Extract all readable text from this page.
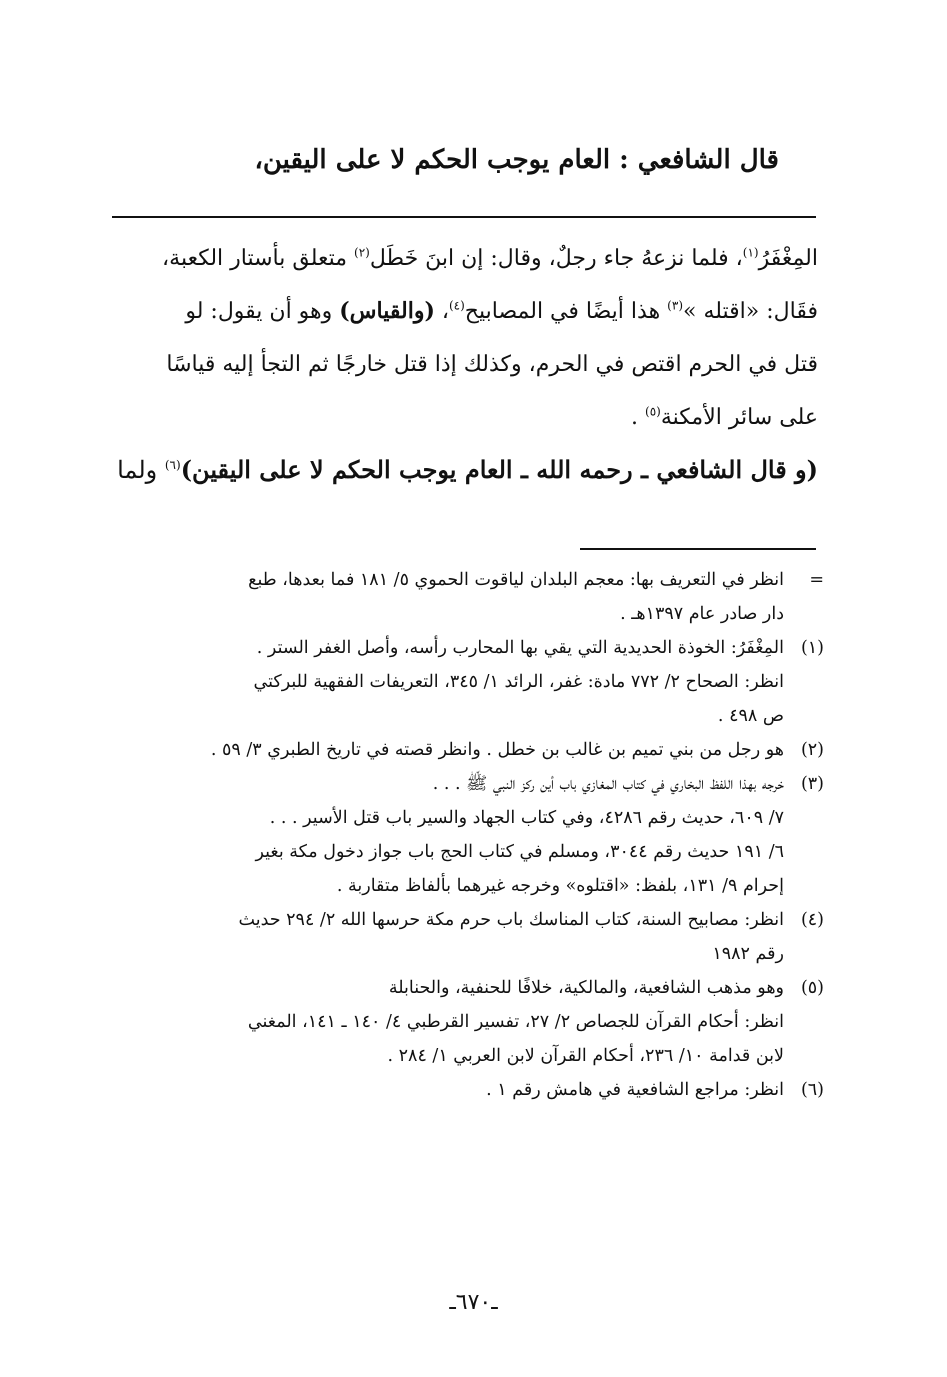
قال الشافعي : العام يوجب الحكم لا على اليقين،

المِغْفَرُ$^{(١)}$، فلما نزعهُ جاء رجلٌ، وقال: إن ابنَ خَطَل$^{(٢)}$ متعلق بأستار الكعبة،

فقَال: «اقتله »$^{(٣)}$ هذا أيضًا في المصابيح$^{(٤)}$، (والقياس) وهو أن يقول: لو

قتل في الحرم اقتص في الحرم، وكذلك إذا قتل خارجًا ثم التجأ إليه قياسًا

على سائر الأمكنة$^{(٥)}$ .

(و قال الشافعي ـ رحمه الله ـ العام يوجب الحكم لا على اليقين)$^{(٦)}$ ولما
=
انظر في التعريف بها: معجم البلدان لياقوت الحموي ٥/ ١٨١ فما بعدها، طبع
دار صادر عام ١٣٩٧هـ .
(١)
المِغْفَرُ: الخوذة الحديدية التي يقي بها المحارب رأسه، وأصل الغفر الستر .
انظر: الصحاح ٢/ ٧٧٢ مادة: غفر، الرائد ١/ ٣٤٥، التعريفات الفقهية للبركتي
ص ٤٩٨ .
(٢)
هو رجل من بني تميم بن غالب بن خطل . وانظر قصته في تاريخ الطبري ٣/ ٥٩ .
(٣)
خرجه بهذا اللفظ البخاري في كتاب المغازي باب أين ركز النبي ﷺ . . .
٧/ ٦٠٩، حديث رقم ٤٢٨٦، وفي كتاب الجهاد والسير باب قتل الأسير . . .
٦/ ١٩١ حديث رقم ٣٠٤٤، ومسلم في كتاب الحج باب جواز دخول مكة بغير
إحرام ٩/ ١٣١، بلفظ: «اقتلوه» وخرجه غيرهما بألفاظ متقاربة .
(٤)
انظر: مصابيح السنة، كتاب المناسك باب حرم مكة حرسها الله ٢/ ٢٩٤ حديث
رقم ١٩٨٢
(٥)
وهو مذهب الشافعية، والمالكية، خلافًا للحنفية، والحنابلة
انظر: أحكام القرآن للجصاص ٢/ ٢٧، تفسير القرطبي ٤/ ١٤٠ ـ ١٤١، المغني
لابن قدامة ١٠/ ٢٣٦، أحكام القرآن لابن العربي ١/ ٢٨٤ .
(٦)
انظر: مراجع الشافعية في هامش رقم ١ .
ـ٦٧٠ـ
